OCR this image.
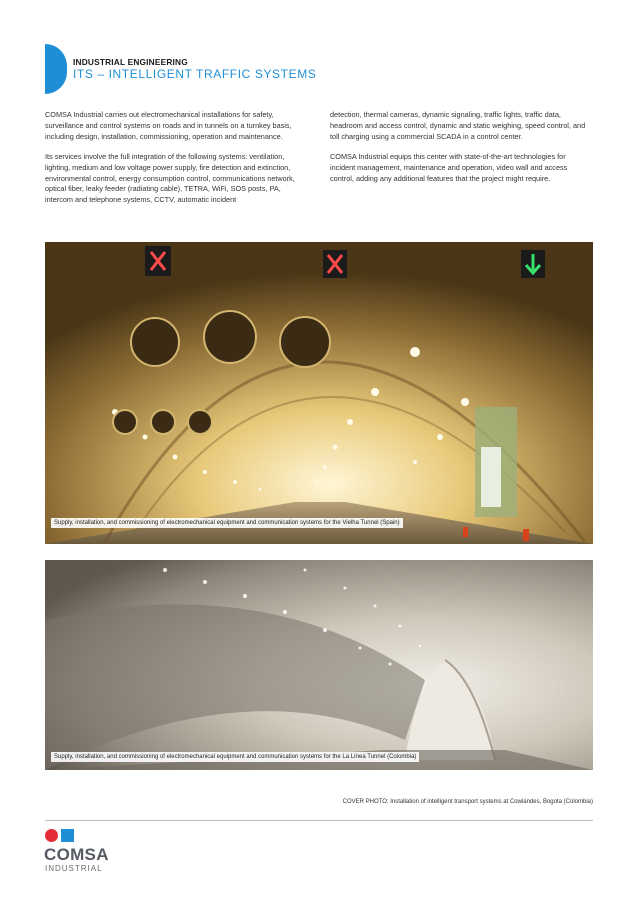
INDUSTRIAL ENGINEERING
ITS – INTELLIGENT TRAFFIC SYSTEMS

COMSA Industrial carries out electromechanical installations for safety, surveillance and control systems on roads and in tunnels on a turnkey basis, including design, installation, commissioning, operation and maintenance.

Its services involve the full integration of the following systems: ventilation, lighting, medium and low voltage power supply, fire detection and extinction, environmental control, energy consumption control, communications network, optical fiber, leaky feeder (radiating cable), TETRA, WiFi, SOS posts, PA, intercom and telephone systems, CCTV, automatic incident

detection, thermal cameras, dynamic signaling, traffic lights, traffic data, headroom and access control, dynamic and static weighing, speed control, and toll charging using a commercial SCADA in a control center.

COMSA Industrial equips this center with state-of-the-art technologies for incident management, maintenance and operation, video wall and access control, adding any additional features that the project might require.

Supply, installation, and commissioning of electromechanical equipment and communication systems for the Vielha Tunnel (Spain)
Supply, installation, and commissioning of electromechanical equipment and communication systems for the La Línea Tunnel (Colombia)
COVER PHOTO: Installation of intelligent transport systems at Cowlandes, Bogota (Colombia)
COMSA
INDUSTRIAL
